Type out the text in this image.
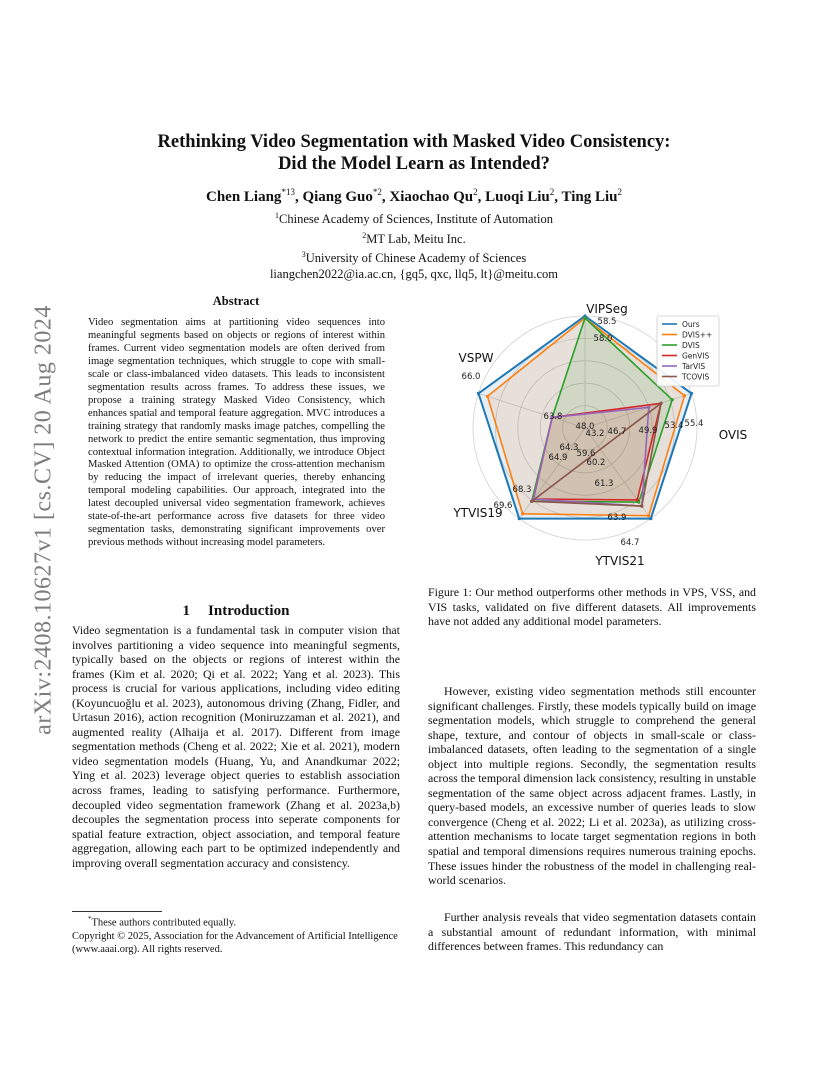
arXiv:2408.10627v1 [cs.CV] 20 Aug 2024
Rethinking Video Segmentation with Masked Video Consistency:
Did the Model Learn as Intended?
Chen Liang$^{*13}$, Qiang Guo$^{*2}$, Xiaochao Qu$^2$, Luoqi Liu$^2$, Ting Liu$^2$
$^1$Chinese Academy of Sciences, Institute of Automation
$^2$MT Lab, Meitu Inc.
$^3$University of Chinese Academy of Sciences
liangchen2022@ia.ac.cn, {gq5, qxc, llq5, lt}@meitu.com
Abstract
Video segmentation aims at partitioning video sequences into meaningful segments based on objects or regions of interest within frames. Current video segmentation models are often derived from image segmentation techniques, which struggle to cope with small-scale or class-imbalanced video datasets. This leads to inconsistent segmentation results across frames. To address these issues, we propose a training strategy Masked Video Consistency, which enhances spatial and temporal feature aggregation. MVC introduces a training strategy that randomly masks image patches, compelling the network to predict the entire semantic segmentation, thus improving contextual information integration. Additionally, we introduce Object Masked Attention (OMA) to optimize the cross-attention mechanism by reducing the impact of irrelevant queries, thereby enhancing temporal modeling capabilities. Our approach, integrated into the latest decoupled universal video segmentation framework, achieves state-of-the-art performance across five datasets for three video segmentation tasks, demonstrating significant improvements over previous methods without increasing model parameters.
1 Introduction
Video segmentation is a fundamental task in computer vision that involves partitioning a video sequence into meaningful segments, typically based on the objects or regions of interest within the frames (Kim et al. 2020; Qi et al. 2022; Yang et al. 2023). This process is crucial for various applications, including video editing (Koyuncuoğlu et al. 2023), autonomous driving (Zhang, Fidler, and Urtasun 2016), action recognition (Moniruzzaman et al. 2021), and augmented reality (Alhaija et al. 2017). Different from image segmentation methods (Cheng et al. 2022; Xie et al. 2021), modern video segmentation models (Huang, Yu, and Anandkumar 2022; Ying et al. 2023) leverage object queries to establish association across frames, leading to satisfying performance. Furthermore, decoupled video segmentation framework (Zhang et al. 2023a,b) decouples the segmentation process into seperate components for spatial feature extraction, object association, and temporal feature aggregation, allowing each part to be optimized independently and improving overall segmentation accuracy and consistency.
*These authors contributed equally.
Copyright © 2025, Association for the Advancement of Artificial Intelligence (www.aaai.org). All rights reserved.
VIPSeg
OVIS
YTVIS21
YTVIS19
VSPW
58.5
58.0
55.4
53.4
49.9
46.7
43.2
48.0
63.8
66.0
64.7
63.9
61.3
60.2
59.6
64.3
64.9
68.3
69.6
Ours
DVIS++
DVIS
GenVIS
TarVIS
TCOVIS
Figure 1: Our method outperforms other methods in VPS, VSS, and VIS tasks, validated on five different datasets. All improvements have not added any additional model parameters.
However, existing video segmentation methods still encounter significant challenges. Firstly, these models typically build on image segmentation models, which struggle to comprehend the general shape, texture, and contour of objects in small-scale or class-imbalanced datasets, often leading to the segmentation of a single object into multiple regions. Secondly, the segmentation results across the temporal dimension lack consistency, resulting in unstable segmentation of the same object across adjacent frames. Lastly, in query-based models, an excessive number of queries leads to slow convergence (Cheng et al. 2022; Li et al. 2023a), as utilizing cross-attention mechanisms to locate target segmentation regions in both spatial and temporal dimensions requires numerous training epochs. These issues hinder the robustness of the model in challenging real-world scenarios.
Further analysis reveals that video segmentation datasets contain a substantial amount of redundant information, with minimal differences between frames. This redundancy can
